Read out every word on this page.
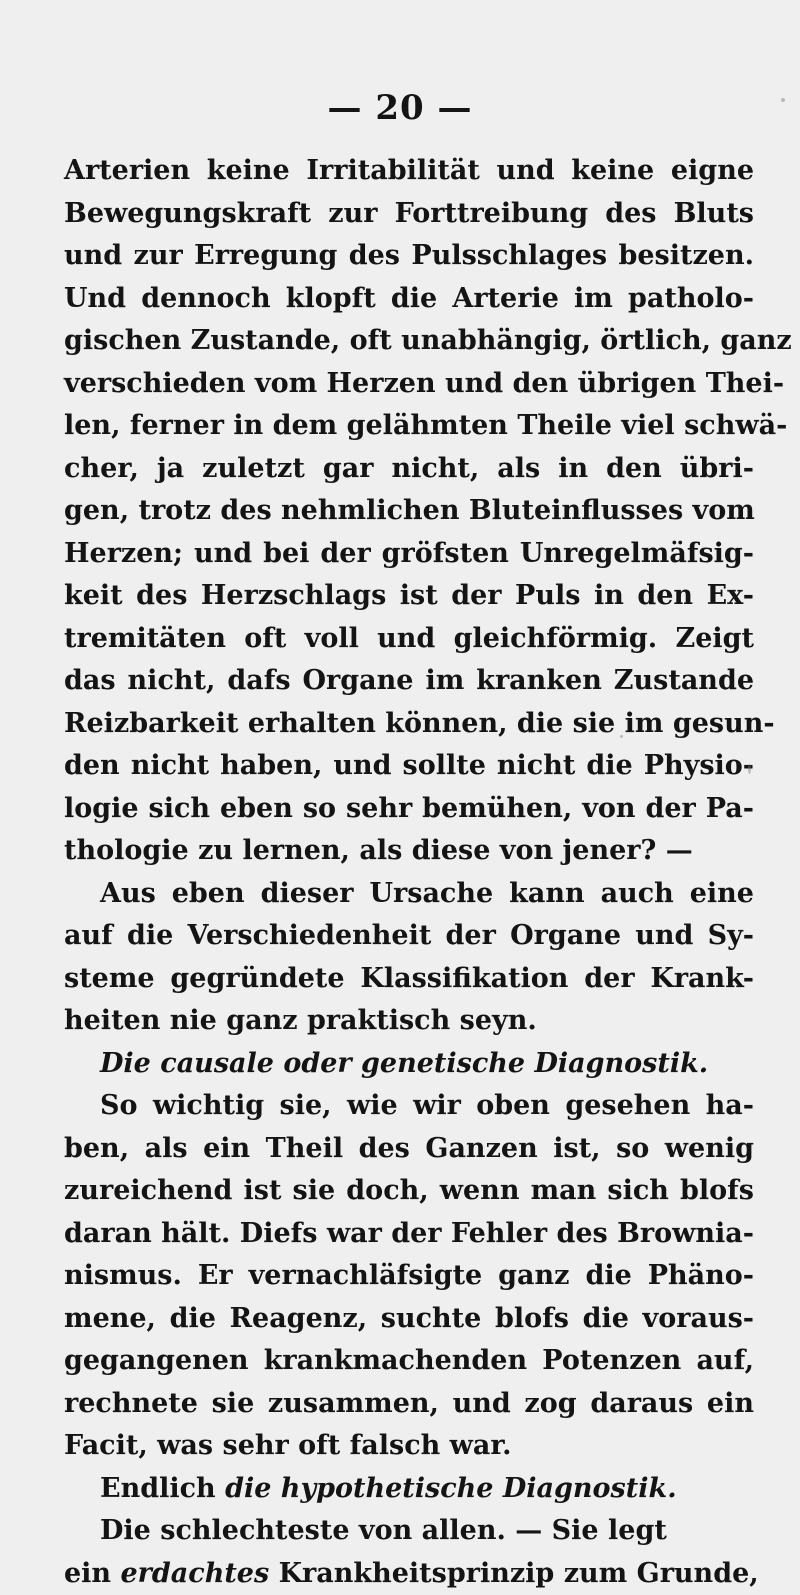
— 20 —
Arterien keine Irritabilität und keine eigne
Bewegungskraft zur Forttreibung des Bluts
und zur Erregung des Pulsschlages besitzen.
Und dennoch klopft die Arterie im patholo-
gischen Zustande, oft unabhängig, örtlich, ganz
verschieden vom Herzen und den übrigen Thei-
len, ferner in dem gelähmten Theile viel schwä-
cher, ja zuletzt gar nicht, als in den übri-
gen, trotz des nehmlichen Bluteinflusses vom
Herzen; und bei der gröfsten Unregelmäfsig-
keit des Herzschlags ist der Puls in den Ex-
tremitäten oft voll und gleichförmig. Zeigt
das nicht, dafs Organe im kranken Zustande
Reizbarkeit erhalten können, die sie im gesun-
den nicht haben, und sollte nicht die Physio-
logie sich eben so sehr bemühen, von der Pa-
thologie zu lernen, als diese von jener? —
Aus eben dieser Ursache kann auch eine
auf die Verschiedenheit der Organe und Sy-
steme gegründete Klassifikation der Krank-
heiten nie ganz praktisch seyn.
Die causale oder genetische Diagnostik.
So wichtig sie, wie wir oben gesehen ha-
ben, als ein Theil des Ganzen ist, so wenig
zureichend ist sie doch, wenn man sich blofs
daran hält. Diefs war der Fehler des Brownia-
nismus. Er vernachläfsigte ganz die Phäno-
mene, die Reagenz, suchte blofs die voraus-
gegangenen krankmachenden Potenzen auf,
rechnete sie zusammen, und zog daraus ein
Facit, was sehr oft falsch war.
Endlich die hypothetische Diagnostik.
Die schlechteste von allen. — Sie legt
ein erdachtes Krankheitsprinzip zum Grunde,
